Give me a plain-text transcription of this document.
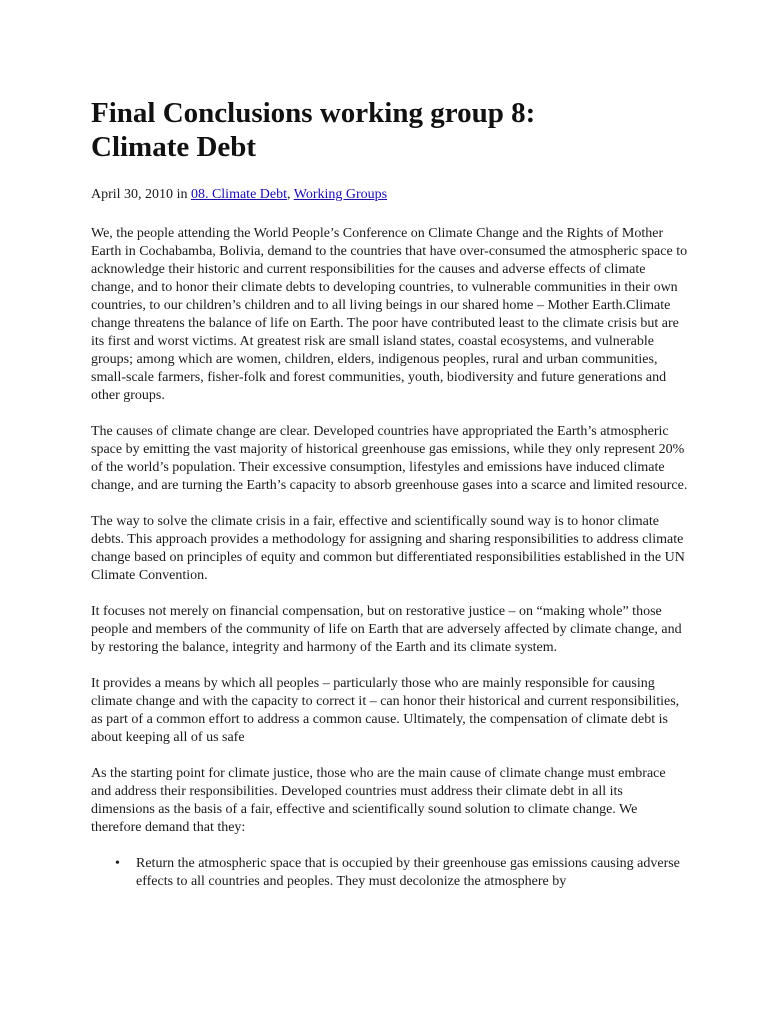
Final Conclusions working group 8:
Climate Debt
April 30, 2010 in 08. Climate Debt, Working Groups

We, the people attending the World People’s Conference on Climate Change and the Rights of Mother Earth in Cochabamba, Bolivia, demand to the countries that have over-consumed the atmospheric space to acknowledge their historic and current responsibilities for the causes and adverse effects of climate change, and to honor their climate debts to developing countries, to vulnerable communities in their own countries, to our children’s children and to all living beings in our shared home – Mother Earth.Climate change threatens the balance of life on Earth. The poor have contributed least to the climate crisis but are its first and worst victims. At greatest risk are small island states, coastal ecosystems, and vulnerable groups; among which are women, children, elders, indigenous peoples, rural and urban communities, small-scale farmers, fisher-folk and forest communities, youth, biodiversity and future generations and other groups.

The causes of climate change are clear. Developed countries have appropriated the Earth’s atmospheric space by emitting the vast majority of historical greenhouse gas emissions, while they only represent 20% of the world’s population. Their excessive consumption, lifestyles and emissions have induced climate change, and are turning the Earth’s capacity to absorb greenhouse gases into a scarce and limited resource.

The way to solve the climate crisis in a fair, effective and scientifically sound way is to honor climate debts. This approach provides a methodology for assigning and sharing responsibilities to address climate change based on principles of equity and common but differentiated responsibilities established in the UN Climate Convention.

It focuses not merely on financial compensation, but on restorative justice – on “making whole” those people and members of the community of life on Earth that are adversely affected by climate change, and by restoring the balance, integrity and harmony of the Earth and its climate system.

It provides a means by which all peoples – particularly those who are mainly responsible for causing climate change and with the capacity to correct it – can honor their historical and current responsibilities, as part of a common effort to address a common cause. Ultimately, the compensation of climate debt is about keeping all of us safe

As the starting point for climate justice, those who are the main cause of climate change must embrace and address their responsibilities. Developed countries must address their climate debt in all its dimensions as the basis of a fair, effective and scientifically sound solution to climate change. We therefore demand that they:

• Return the atmospheric space that is occupied by their greenhouse gas emissions causing adverse effects to all countries and peoples. They must decolonize the atmosphere by
